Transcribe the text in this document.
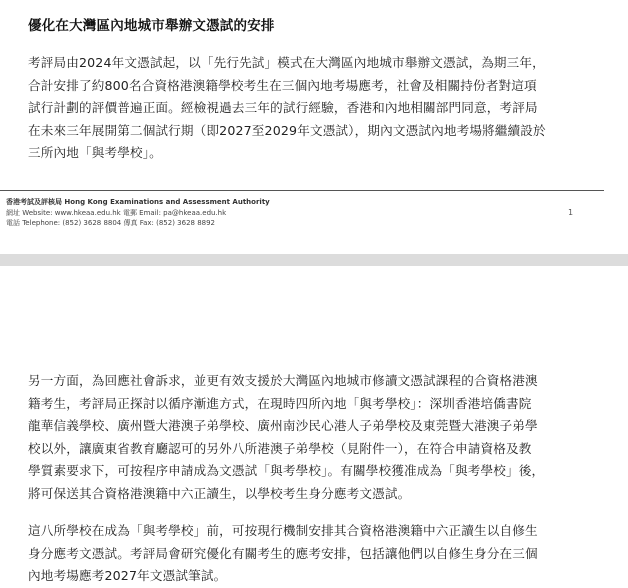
優化在大灣區內地城市舉辦文憑試的安排
考評局由2024年文憑試起，以「先行先試」模式在大灣區內地城市舉辦文憑試，為期三年，
合計安排了約800名合資格港澳籍學校考生在三個內地考場應考，社會及相關持份者對這項
試行計劃的評價普遍正面。經檢視過去三年的試行經驗，香港和內地相關部門同意，考評局
在未來三年展開第二個試行期（即2027至2029年文憑試），期內文憑試內地考場將繼續設於
三所內地「與考學校」。
香港考試及評核局 Hong Kong Examinations and Assessment Authority
網址 Website: www.hkeaa.edu.hk 電郵 Email: pa@hkeaa.edu.hk
電話 Telephone: (852) 3628 8804 傳真 Fax: (852) 3628 8892
1
另一方面，為回應社會訴求，並更有效支援於大灣區內地城市修讀文憑試課程的合資格港澳
籍考生，考評局正探討以循序漸進方式，在現時四所內地「與考學校」：深圳香港培僑書院
龍華信義學校、廣州暨大港澳子弟學校、廣州南沙民心港人子弟學校及東莞暨大港澳子弟學
校以外，讓廣東省教育廳認可的另外八所港澳子弟學校（見附件一），在符合申請資格及教
學質素要求下，可按程序申請成為文憑試「與考學校」。有關學校獲准成為「與考學校」後，
將可保送其合資格港澳籍中六正讀生，以學校考生身分應考文憑試。
這八所學校在成為「與考學校」前，可按現行機制安排其合資格港澳籍中六正讀生以自修生
身分應考文憑試。考評局會研究優化有關考生的應考安排，包括讓他們以自修生身分在三個
內地考場應考2027年文憑試筆試。
